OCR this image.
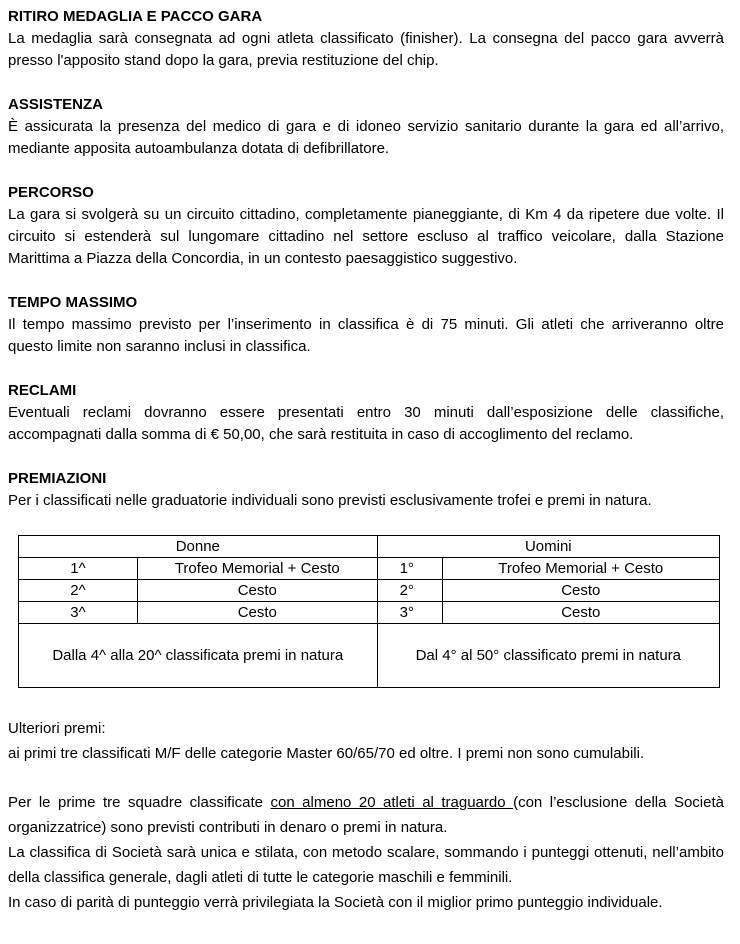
RITIRO MEDAGLIA E PACCO GARA
La medaglia sarà consegnata ad ogni atleta classificato (finisher). La consegna del pacco gara avverrà presso l'apposito stand dopo la gara, previa restituzione del chip.
ASSISTENZA
È assicurata la presenza del medico di gara e di idoneo servizio sanitario durante la gara ed all’arrivo, mediante apposita autoambulanza dotata di defibrillatore.
PERCORSO
La gara si svolgerà su un circuito cittadino, completamente pianeggiante, di Km 4 da ripetere due volte. Il circuito si estenderà sul lungomare cittadino nel settore escluso al traffico veicolare, dalla Stazione Marittima a Piazza della Concordia, in un contesto paesaggistico suggestivo.
TEMPO MASSIMO
Il tempo massimo previsto per l’inserimento in classifica è di 75 minuti. Gli atleti che arriveranno oltre questo limite non saranno inclusi in classifica.
RECLAMI
Eventuali reclami dovranno essere presentati entro 30 minuti dall’esposizione delle classifiche, accompagnati dalla somma di € 50,00, che sarà restituita in caso di accoglimento del reclamo.
PREMIAZIONI
Per i classificati nelle graduatorie individuali sono previsti esclusivamente trofei e premi in natura.
Donne		Uomini	
1^	Trofeo Memorial + Cesto	1°	Trofeo Memorial + Cesto
2^	Cesto	2°	Cesto
3^	Cesto	3°	Cesto
Dalla 4^ alla 20^ classificata premi in natura		Dal 4° al 50° classificato premi in natura	
Ulteriori premi:
ai primi tre classificati M/F delle categorie Master 60/65/70 ed oltre. I premi non sono cumulabili.
Per le prime tre squadre classificate con almeno 20 atleti al traguardo (con l’esclusione della Società organizzatrice) sono previsti contributi in denaro o premi in natura.
La classifica di Società sarà unica e stilata, con metodo scalare, sommando i punteggi ottenuti, nell’ambito della classifica generale, dagli atleti di tutte le categorie maschili e femminili.
In caso di parità di punteggio verrà privilegiata la Società con il miglior primo punteggio individuale.
